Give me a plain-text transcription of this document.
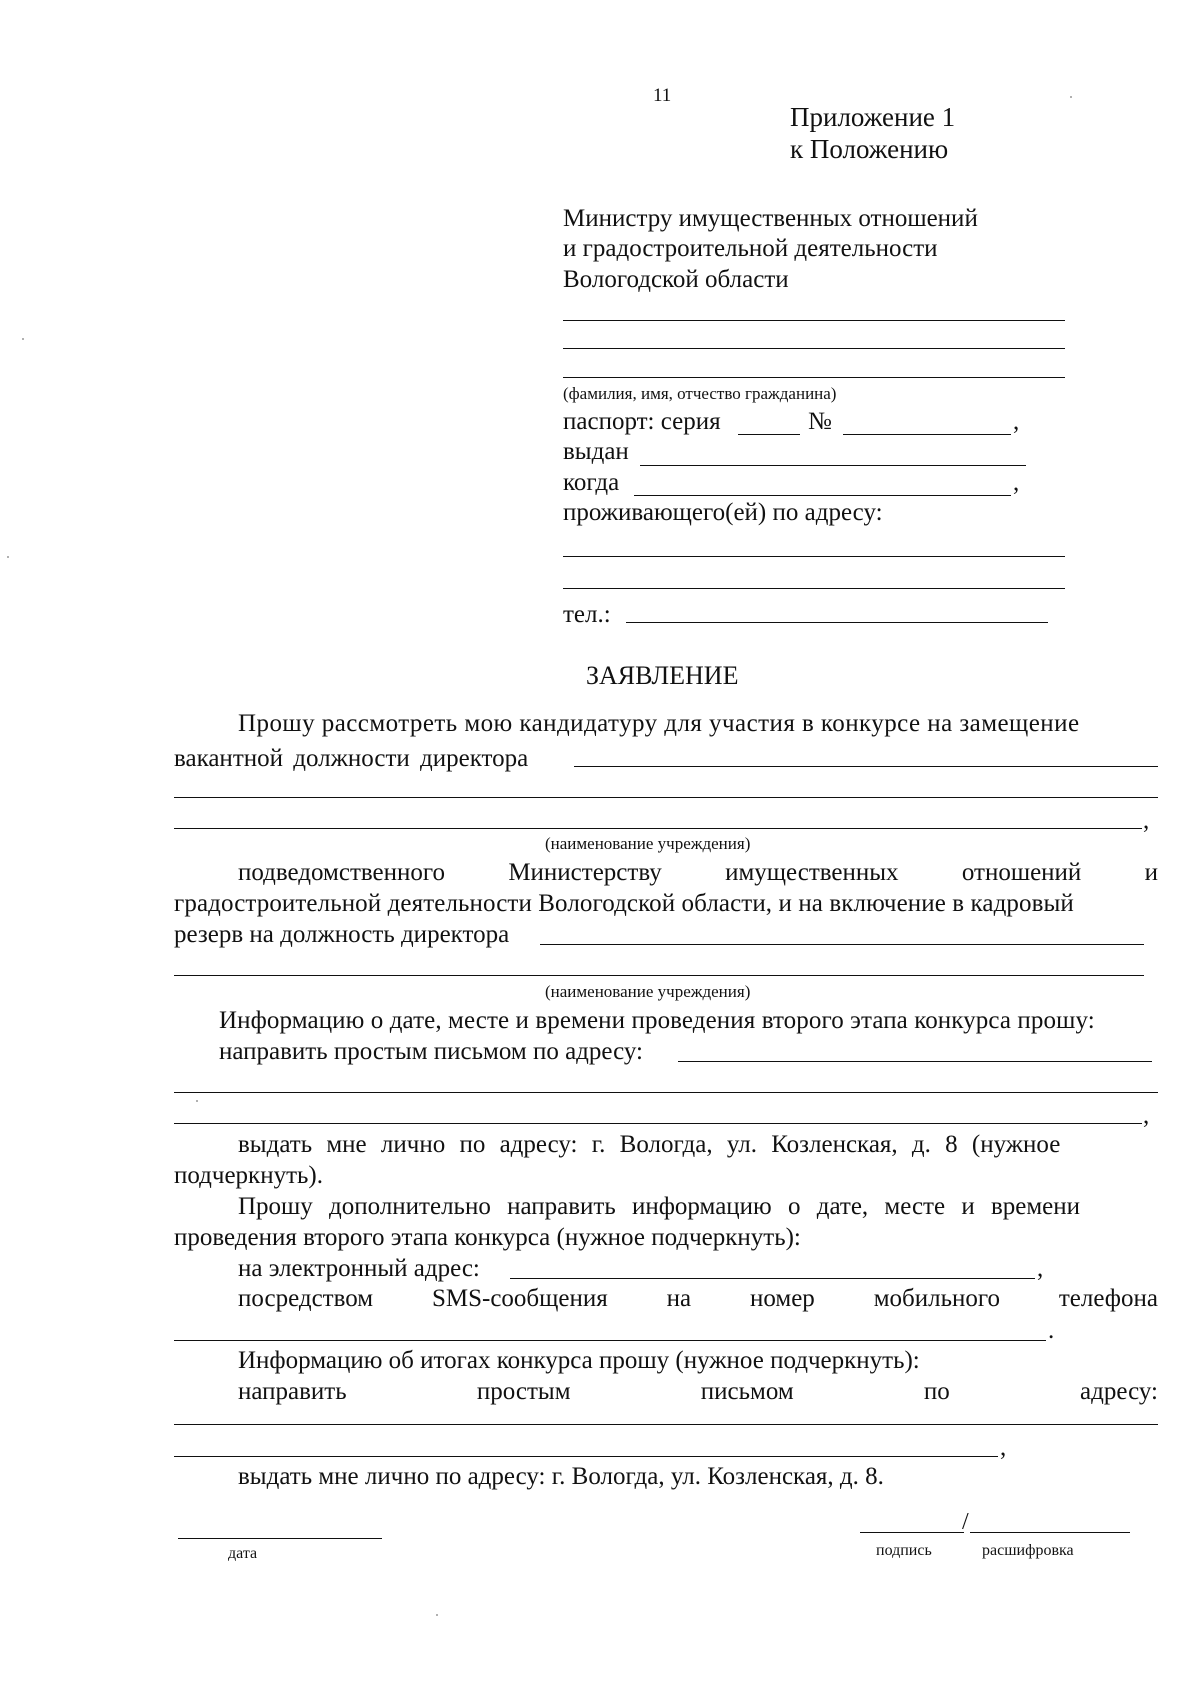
11
Приложение 1
к Положению
Министру имущественных отношений
и градостроительной деятельности
Вологодской области
(фамилия, имя, отчество гражданина)
паспорт: серия	№	,
выдан
когда	,
проживающего(ей) по адресу:
тел.:
ЗАЯВЛЕНИЕ
Прошу рассмотреть мою кандидатуру для участия в конкурсе на замещение
вакантной должности директора
,
(наименование учреждения)
подведомственного	Министерству	имущественных	отношений	и
градостроительной деятельности Вологодской области, и на включение в кадровый
резерв на должность директора
(наименование учреждения)
Информацию о дате, месте и времени проведения второго этапа конкурса прошу:
направить простым письмом по адресу:
,
выдать мне лично по адресу: г. Вологда, ул. Козленская, д. 8 (нужное
подчеркнуть).
Прошу дополнительно направить информацию о дате, месте и времени
проведения второго этапа конкурса (нужное подчеркнуть):
на электронный адрес:	,
посредством SMS-сообщения на номер мобильного телефона
.
Информацию об итогах конкурса прошу (нужное подчеркнуть):
направить	простым	письмом	по	адресу:
,
выдать мне лично по адресу: г. Вологда, ул. Козленская, д. 8.
дата
/
подпись	расшифровка
